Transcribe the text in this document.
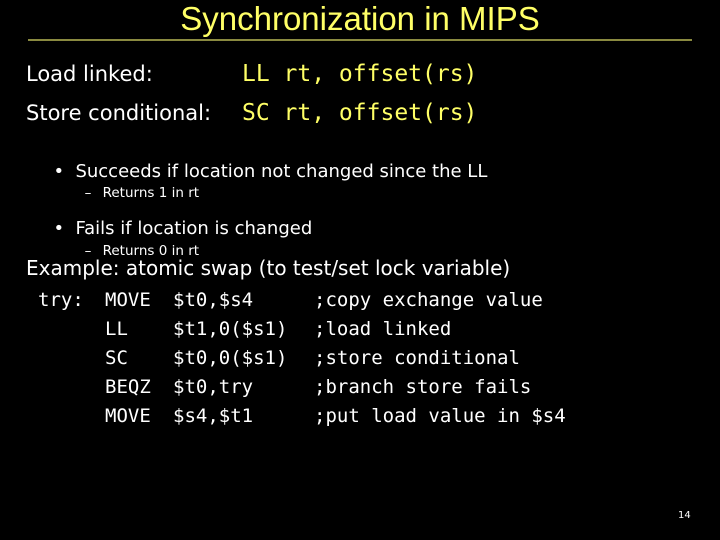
Synchronization in MIPS
Load linked:	LL rt, offset(rs)
Store conditional: SC rt, offset(rs)

• Succeeds if location not changed since the LL

– Returns 1 in rt

• Fails if location is changed

– Returns 0 in rt

Example: atomic swap (to test/set lock variable)
try: MOVE $t0,$s4	;copy exchange value
LL $t1,0($s1) ;load linked
SC $t0,0($s1) ;store conditional
BEQZ $t0,try	;branch store fails
MOVE $s4,$t1	;put load value in $s4
14
